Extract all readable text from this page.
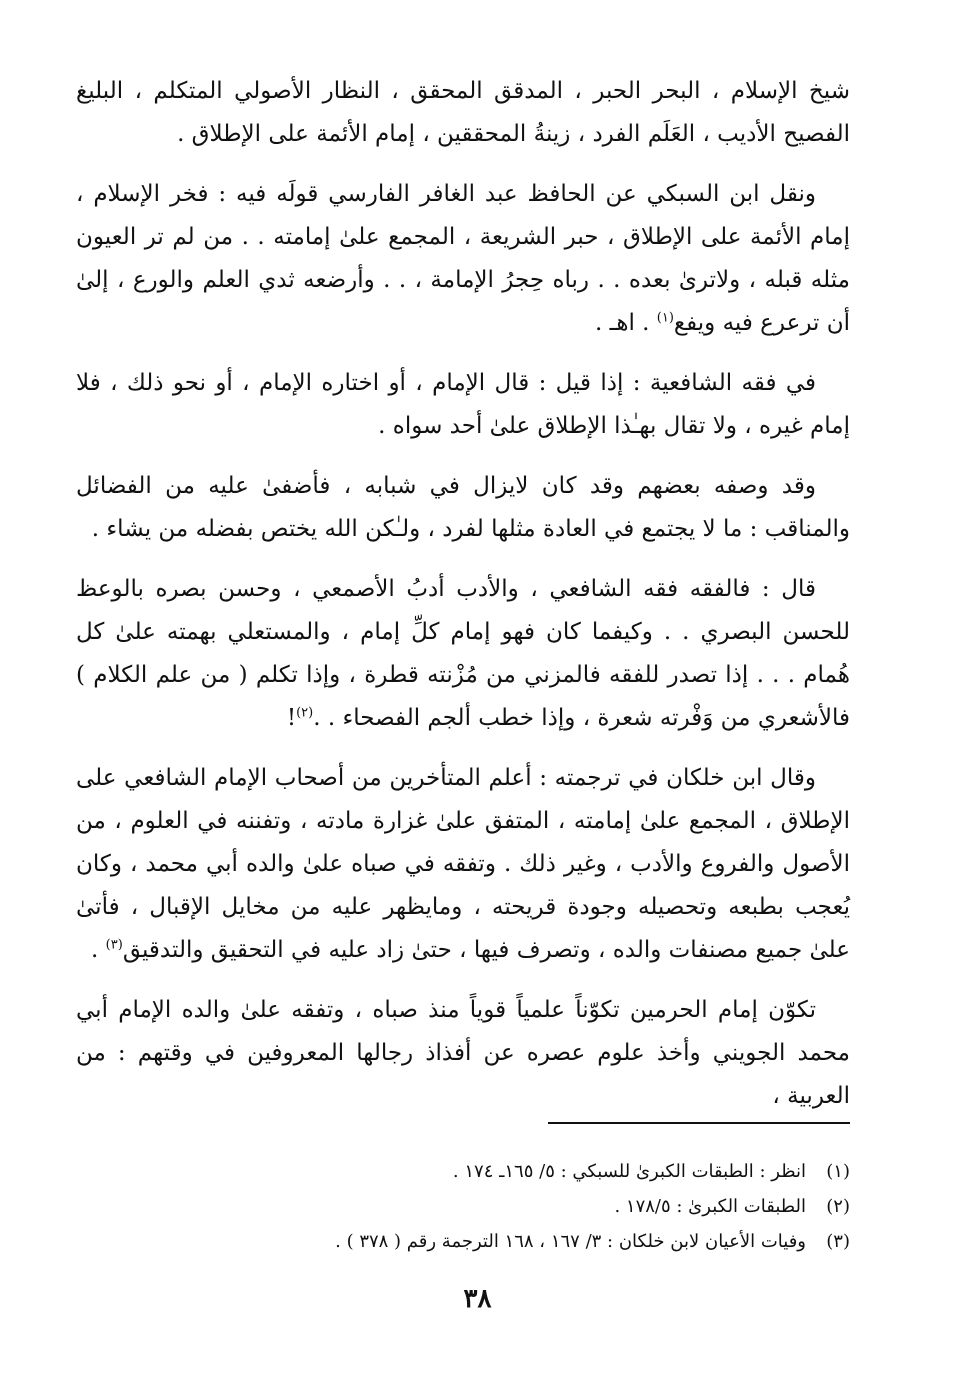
شيخ الإسلام ، البحر الحبر ، المدقق المحقق ، النظار الأصولي المتكلم ، البليغ الفصيح الأديب ، العَلَم الفرد ، زينةُ المحققين ، إمام الأئمة على الإطلاق .

ونقل ابن السبكي عن الحافظ عبد الغافر الفارسي قولَه فيه : فخر الإسلام ، إمام الأئمة على الإطلاق ، حبر الشريعة ، المجمع علىٰ إمامته . . من لم تر العيون مثله قبله ، ولاترىٰ بعده . . رباه حِجرُ الإمامة ، . . وأرضعه ثدي العلم والورع ، إلىٰ أن ترعرع فيه ويفع$^{(١)}$ . اهـ .

في فقه الشافعية : إذا قيل : قال الإمام ، أو اختاره الإمام ، أو نحو ذلك ، فلا إمام غيره ، ولا تقال بهـٰذا الإطلاق علىٰ أحد سواه .

وقد وصفه بعضهم وقد كان لايزال في شبابه ، فأضفىٰ عليه من الفضائل والمناقب : ما لا يجتمع في العادة مثلها لفرد ، ولـٰكن الله يختص بفضله من يشاء .

قال : فالفقه فقه الشافعي ، والأدب أدبُ الأصمعي ، وحسن بصره بالوعظ للحسن البصري . . وكيفما كان فهو إمام كلِّ إمام ، والمستعلي بهمته علىٰ كل هُمام . . . إذا تصدر للفقه فالمزني من مُزْنته قطرة ، وإذا تكلم ( من علم الكلام ) فالأشعري من وَفْرته شعرة ، وإذا خطب ألجم الفصحاء . .$^{(٢)}$!

وقال ابن خلكان في ترجمته : أعلم المتأخرين من أصحاب الإمام الشافعي على الإطلاق ، المجمع علىٰ إمامته ، المتفق علىٰ غزارة مادته ، وتفننه في العلوم ، من الأصول والفروع والأدب ، وغير ذلك . وتفقه في صباه علىٰ والده أبي محمد ، وكان يُعجب بطبعه وتحصيله وجودة قريحته ، ومايظهر عليه من مخايل الإقبال ، فأتىٰ علىٰ جميع مصنفات والده ، وتصرف فيها ، حتىٰ زاد عليه في التحقيق والتدقيق$^{(٣)}$ .

تكوّن إمام الحرمين تكوّناً علمياً قوياً منذ صباه ، وتفقه علىٰ والده الإمام أبي محمد الجويني وأخذ علوم عصره عن أفذاذ رجالها المعروفين في وقتهم : من العربية ،

(١)انظر : الطبقات الكبرىٰ للسبكي : ٥/ ١٦٥ـ ١٧٤ .
(٢)الطبقات الكبرىٰ : ١٧٨/٥ .
(٣)وفيات الأعيان لابن خلكان : ٣/ ١٦٧ ، ١٦٨ الترجمة رقم ( ٣٧٨ ) .
٣٨
